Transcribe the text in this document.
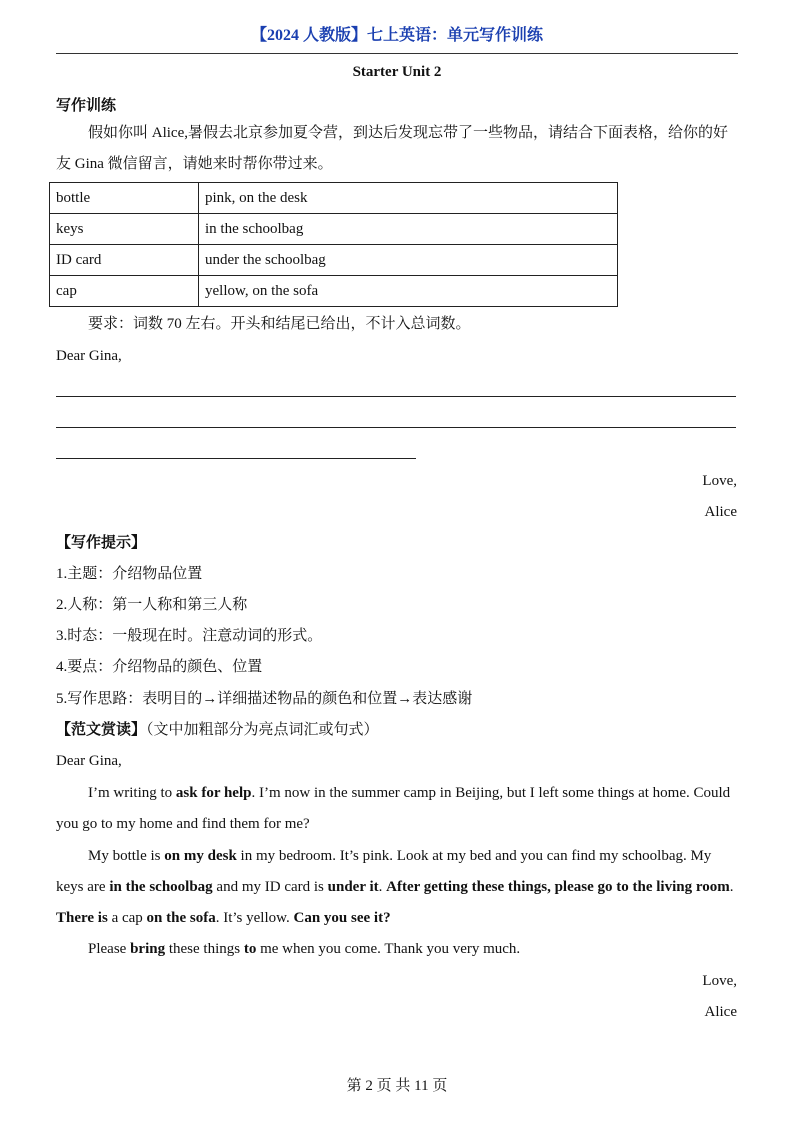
【2024 人教版】七上英语：单元写作训练
Starter Unit 2
写作训练
假如你叫 Alice,暑假去北京参加夏令营，到达后发现忘带了一些物品，请结合下面表格，给你的好友 Gina 微信留言，请她来时帮你带过来。
bottle	pink, on the desk
keys	in the schoolbag
ID card	under the schoolbag
cap	yellow, on the sofa
要求：词数 70 左右。开头和结尾已给出，不计入总词数。
Dear Gina,
Love,
Alice
【写作提示】
1.主题：介绍物品位置
2.人称：第一人称和第三人称
3.时态：一般现在时。注意动词的形式。
4.要点：介绍物品的颜色、位置
5.写作思路：表明目的→详细描述物品的颜色和位置→表达感谢
【范文赏读】（文中加粗部分为亮点词汇或句式）
Dear Gina,
I’m writing to ask for help. I’m now in the summer camp in Beijing, but I left some things at home. Could you go to my home and find them for me?
My bottle is on my desk in my bedroom. It’s pink. Look at my bed and you can find my schoolbag. My keys are in the schoolbag and my ID card is under it. After getting these things, please go to the living room. There is a cap on the sofa. It’s yellow. Can you see it?
Please bring these things to me when you come. Thank you very much.
Love,
Alice
第 2 页 共 11 页
